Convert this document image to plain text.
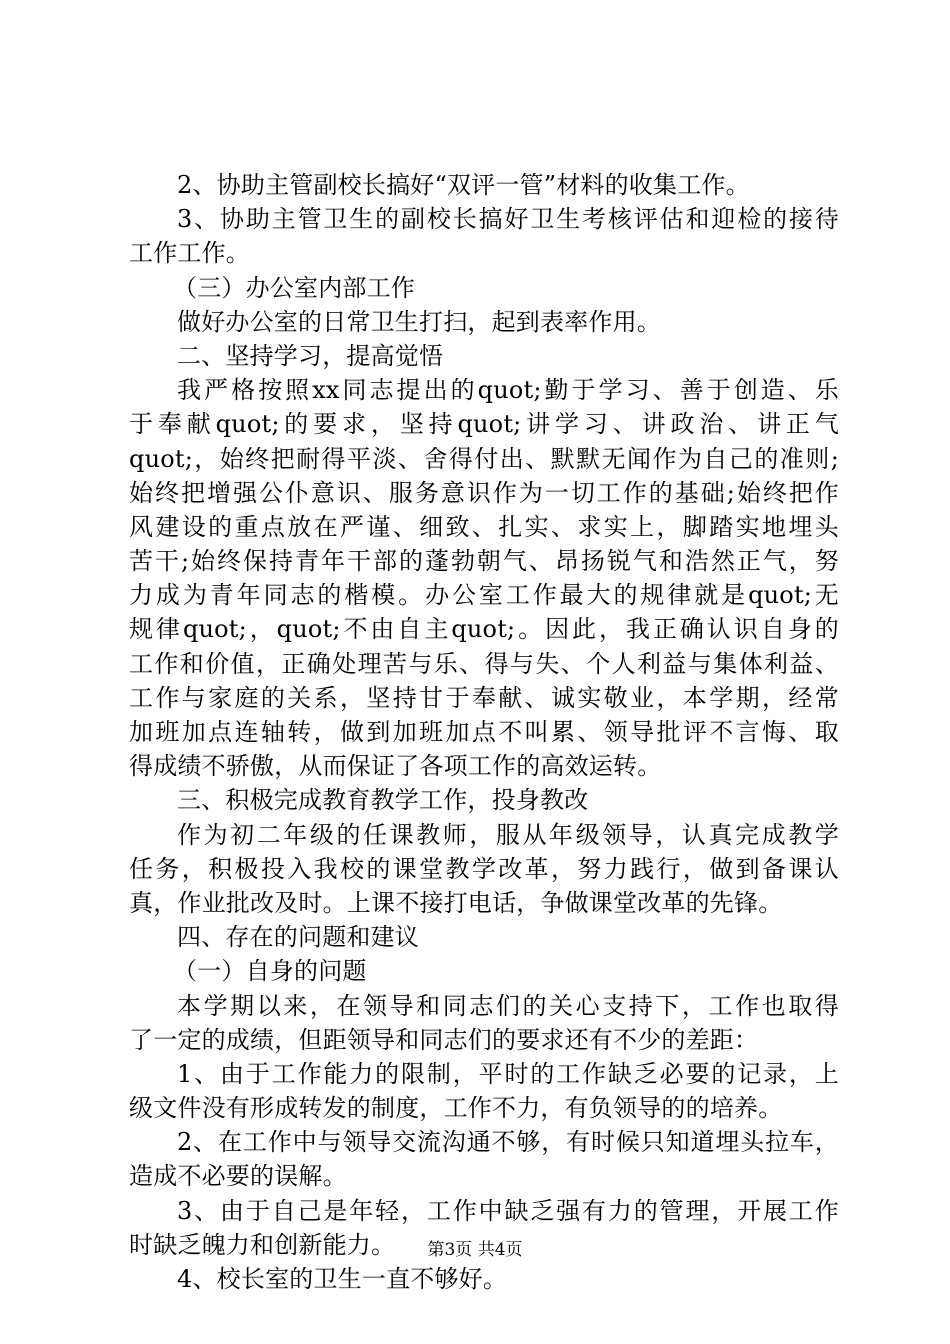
2、协助主管副校长搞好“双评一管”材料的收集工作。
3、协助主管卫生的副校长搞好卫生考核评估和迎检的接待
工作工作。
（三）办公室内部工作
做好办公室的日常卫生打扫，起到表率作用。
二、坚持学习，提高觉悟
我严格按照xx同志提出的quot;勤于学习、善于创造、乐
于奉献quot;的要求，坚持quot;讲学习、讲政治、讲正气
quot;，始终把耐得平淡、舍得付出、默默无闻作为自己的准则;
始终把增强公仆意识、服务意识作为一切工作的基础;始终把作
风建设的重点放在严谨、细致、扎实、求实上，脚踏实地埋头
苦干;始终保持青年干部的蓬勃朝气、昂扬锐气和浩然正气，努
力成为青年同志的楷模。办公室工作最大的规律就是quot;无
规律quot;，quot;不由自主quot;。因此，我正确认识自身的
工作和价值，正确处理苦与乐、得与失、个人利益与集体利益、
工作与家庭的关系，坚持甘于奉献、诚实敬业，本学期，经常
加班加点连轴转，做到加班加点不叫累、领导批评不言悔、取
得成绩不骄傲，从而保证了各项工作的高效运转。
三、积极完成教育教学工作，投身教改
作为初二年级的任课教师，服从年级领导，认真完成教学
任务，积极投入我校的课堂教学改革，努力践行，做到备课认
真，作业批改及时。上课不接打电话，争做课堂改革的先锋。
四、存在的问题和建议
（一）自身的问题
本学期以来，在领导和同志们的关心支持下，工作也取得
了一定的成绩，但距领导和同志们的要求还有不少的差距：
1、由于工作能力的限制，平时的工作缺乏必要的记录，上
级文件没有形成转发的制度，工作不力，有负领导的的培养。
2、在工作中与领导交流沟通不够，有时候只知道埋头拉车，
造成不必要的误解。
3、由于自己是年轻，工作中缺乏强有力的管理，开展工作
时缺乏魄力和创新能力。
4、校长室的卫生一直不够好。
第3页 共4页
